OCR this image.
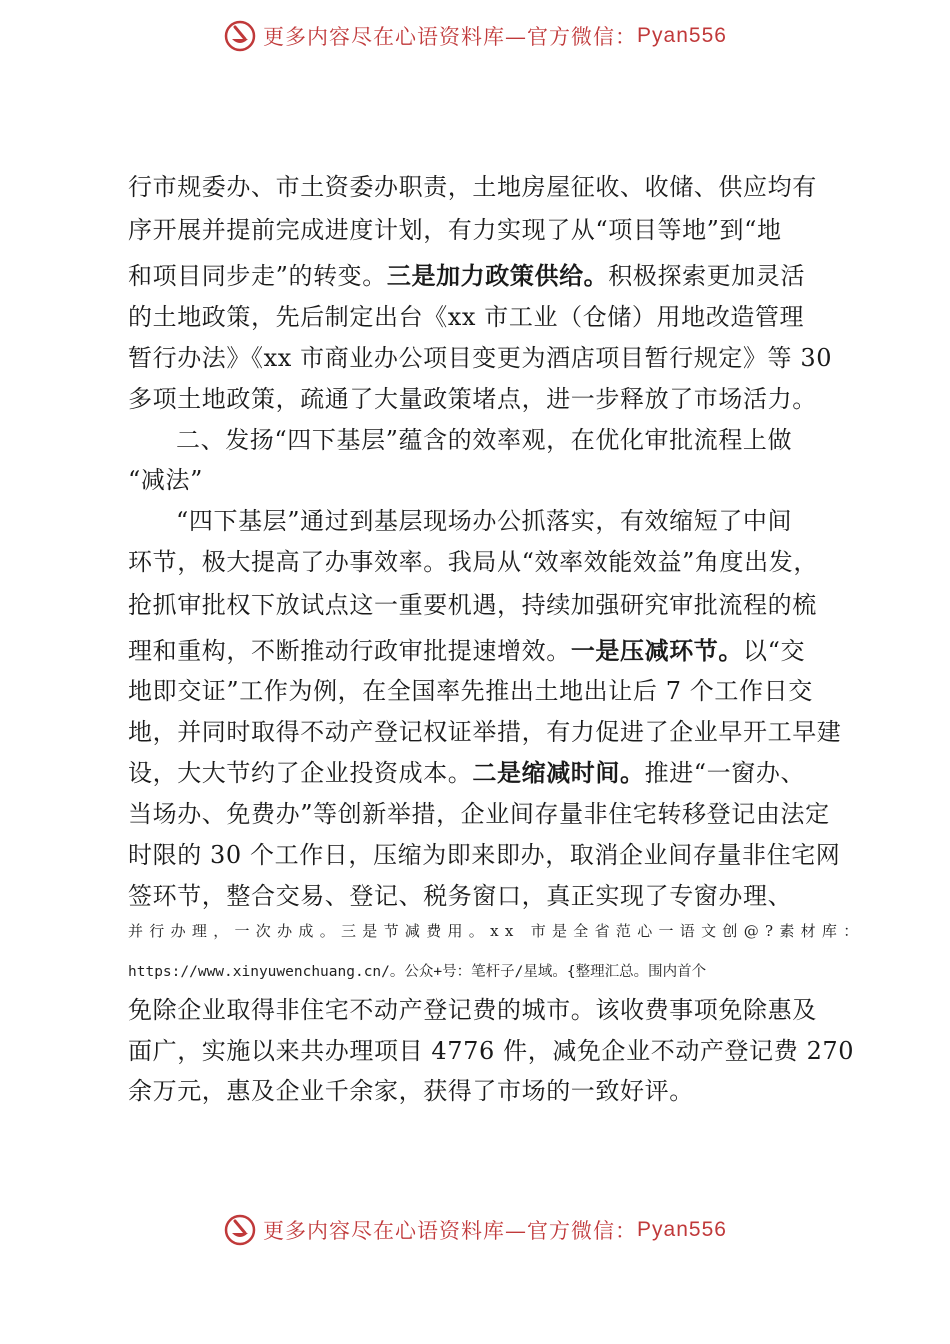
更多内容尽在心语资料库—官方微信： Pyan556
行市规委办、市土资委办职责，土地房屋征收、收储、供应均有
序开展并提前完成进度计划，有力实现了从“项目等地”到“地
和项目同步走”的转变。三是加力政策供给。积极探索更加灵活
的土地政策，先后制定出台《xx 市工业（仓储）用地改造管理
暂行办法》《xx 市商业办公项目变更为酒店项目暂行规定》等 30
多项土地政策，疏通了大量政策堵点，进一步释放了市场活力。
二、发扬“四下基层”蕴含的效率观，在优化审批流程上做
“减法”
“四下基层”通过到基层现场办公抓落实，有效缩短了中间
环节，极大提高了办事效率。我局从“效率效能效益”角度出发，
抢抓审批权下放试点这一重要机遇，持续加强研究审批流程的梳
理和重构，不断推动行政审批提速增效。一是压减环节。以“交
地即交证”工作为例，在全国率先推出土地出让后 7 个工作日交
地，并同时取得不动产登记权证举措，有力促进了企业早开工早建
设，大大节约了企业投资成本。二是缩减时间。推进“一窗办、
当场办、免费办”等创新举措，企业间存量非住宅转移登记由法定
时限的 30 个工作日，压缩为即来即办，取消企业间存量非住宅网
签环节，整合交易、登记、税务窗口，真正实现了专窗办理、
并行办理，一次办成。三是节减费用。xx 市是全省范心一语文创@?素材库：
https://www.xinyuwenchuang.cn/。公众+号：笔杆子/星域。{整理汇总。围内首个
免除企业取得非住宅不动产登记费的城市。该收费事项免除惠及
面广，实施以来共办理项目 4776 件，减免企业不动产登记费 270
余万元，惠及企业千余家，获得了市场的一致好评。
更多内容尽在心语资料库—官方微信： Pyan556
